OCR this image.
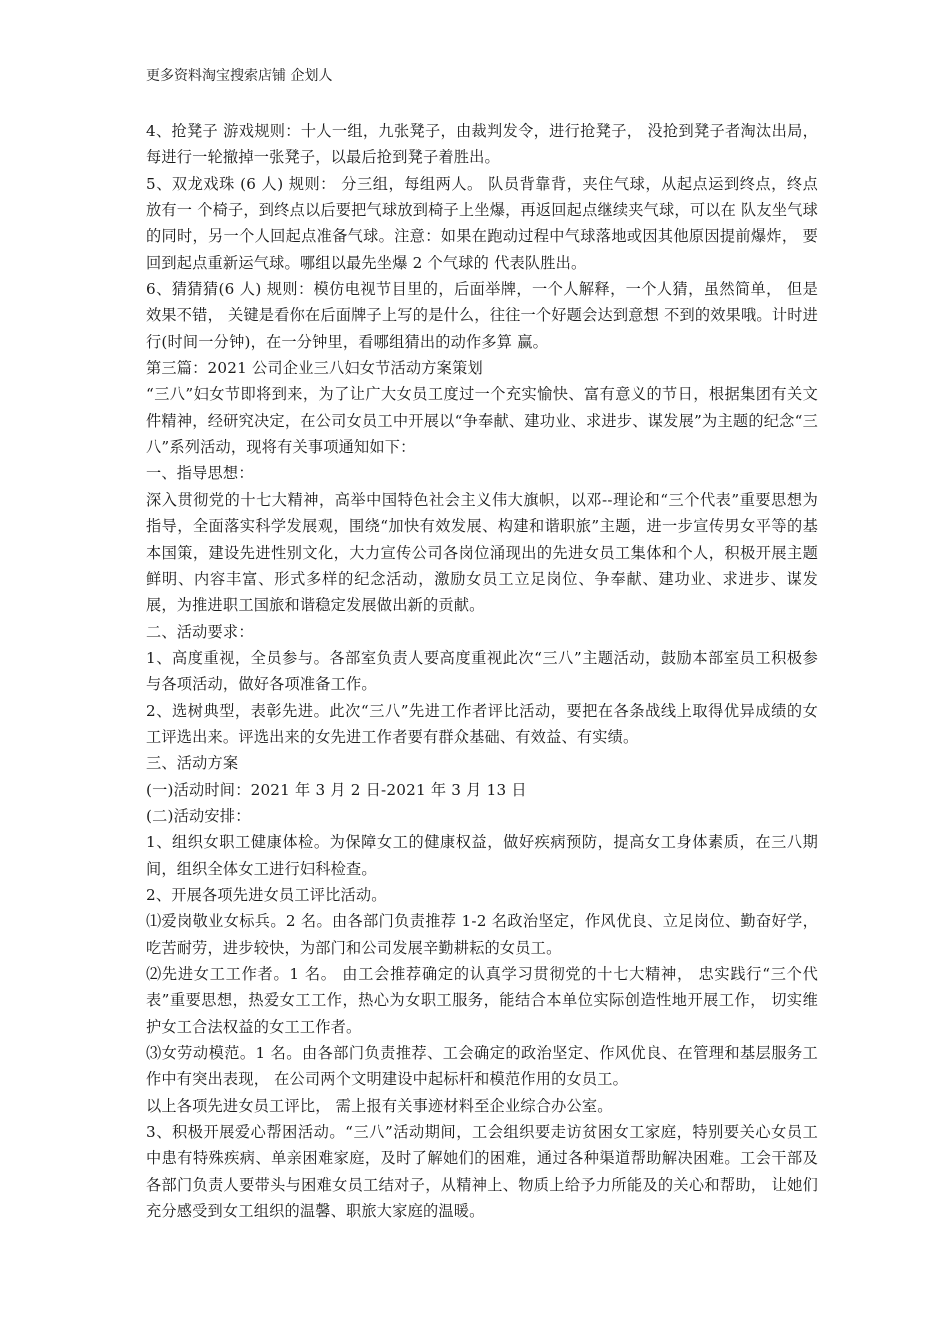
更多资料淘宝搜索店铺 企划人

4、抢凳子 游戏规则：十人一组，九张凳子，由裁判发令，进行抢凳子， 没抢到凳子者淘汰出局，每进行一轮撤掉一张凳子，以最后抢到凳子着胜出。

5、双龙戏珠 (6 人) 规则： 分三组，每组两人。 队员背靠背，夹住气球，从起点运到终点，终点放有一 个椅子，到终点以后要把气球放到椅子上坐爆，再返回起点继续夹气球，可以在 队友坐气球的同时，另一个人回起点准备气球。注意：如果在跑动过程中气球落地或因其他原因提前爆炸， 要回到起点重新运气球。哪组以最先坐爆 2 个气球的 代表队胜出。

6、猜猜猜(6 人) 规则：模仿电视节目里的，后面举牌，一个人解释，一个人猜，虽然简单， 但是效果不错， 关键是看你在后面牌子上写的是什么，往往一个好题会达到意想 不到的效果哦。计时进行(时间一分钟)，在一分钟里，看哪组猜出的动作多算 赢。

第三篇：2021 公司企业三八妇女节活动方案策划

“三八”妇女节即将到来，为了让广大女员工度过一个充实愉快、富有意义的节日，根据集团有关文件精神，经研究决定，在公司女员工中开展以“争奉献、建功业、求进步、谋发展”为主题的纪念“三八”系列活动，现将有关事项通知如下：

一、指导思想：

深入贯彻党的十七大精神，高举中国特色社会主义伟大旗帜，以邓--理论和“三个代表”重要思想为指导，全面落实科学发展观，围绕“加快有效发展、构建和谐职旅”主题，进一步宣传男女平等的基本国策，建设先进性别文化，大力宣传公司各岗位涌现出的先进女员工集体和个人，积极开展主题鲜明、内容丰富、形式多样的纪念活动，激励女员工立足岗位、争奉献、建功业、求进步、谋发展，为推进职工国旅和谐稳定发展做出新的贡献。

二、活动要求：

1、高度重视，全员参与。各部室负责人要高度重视此次“三八”主题活动，鼓励本部室员工积极参与各项活动，做好各项准备工作。

2、选树典型，表彰先进。此次“三八”先进工作者评比活动，要把在各条战线上取得优异成绩的女工评选出来。评选出来的女先进工作者要有群众基础、有效益、有实绩。

三、活动方案

(一)活动时间：2021 年 3 月 2 日-2021 年 3 月 13 日

(二)活动安排：

1、组织女职工健康体检。为保障女工的健康权益，做好疾病预防，提高女工身体素质，在三八期间，组织全体女工进行妇科检查。

2、开展各项先进女员工评比活动。

⑴爱岗敬业女标兵。2 名。由各部门负责推荐 1-2 名政治坚定，作风优良、立足岗位、勤奋好学，吃苦耐劳，进步较快，为部门和公司发展辛勤耕耘的女员工。

⑵先进女工工作者。1 名。 由工会推荐确定的认真学习贯彻党的十七大精神， 忠实践行“三个代表”重要思想，热爱女工工作，热心为女职工服务，能结合本单位实际创造性地开展工作， 切实维护女工合法权益的女工工作者。

⑶女劳动模范。1 名。由各部门负责推荐、工会确定的政治坚定、作风优良、在管理和基层服务工作中有突出表现， 在公司两个文明建设中起标杆和模范作用的女员工。

以上各项先进女员工评比， 需上报有关事迹材料至企业综合办公室。

3、积极开展爱心帮困活动。“三八”活动期间，工会组织要走访贫困女工家庭，特别要关心女员工中患有特殊疾病、单亲困难家庭，及时了解她们的困难，通过各种渠道帮助解决困难。工会干部及各部门负责人要带头与困难女员工结对子，从精神上、物质上给予力所能及的关心和帮助， 让她们充分感受到女工组织的温馨、职旅大家庭的温暖。
